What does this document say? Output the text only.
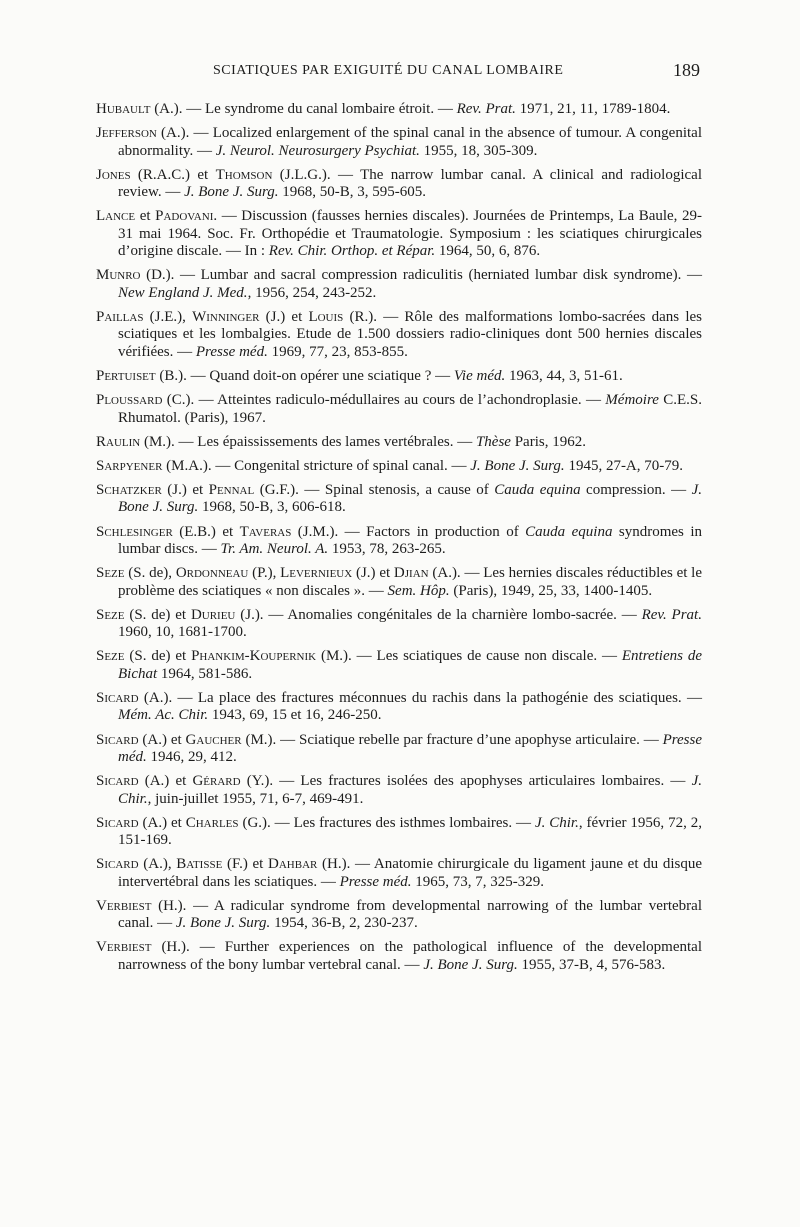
SCIATIQUES PAR EXIGUITÉ DU CANAL LOMBAIRE	189

Hubault (A.). — Le syndrome du canal lombaire étroit. — Rev. Prat. 1971, 21, 11, 1789-1804.

Jefferson (A.). — Localized enlargement of the spinal canal in the absence of tumour. A congenital abnormality. — J. Neurol. Neurosurgery Psychiat. 1955, 18, 305-309.

Jones (R.A.C.) et Thomson (J.L.G.). — The narrow lumbar canal. A clinical and radiological review. — J. Bone J. Surg. 1968, 50-B, 3, 595-605.

Lance et Padovani. — Discussion (fausses hernies discales). Journées de Printemps, La Baule, 29-31 mai 1964. Soc. Fr. Orthopédie et Traumatologie. Symposium : les sciatiques chirurgicales d’origine discale. — In : Rev. Chir. Orthop. et Répar. 1964, 50, 6, 876.

Munro (D.). — Lumbar and sacral compression radiculitis (herniated lumbar disk syndrome). — New England J. Med., 1956, 254, 243-252.

Paillas (J.E.), Winninger (J.) et Louis (R.). — Rôle des malformations lombo-sacrées dans les sciatiques et les lombalgies. Etude de 1.500 dossiers radio-cliniques dont 500 hernies discales vérifiées. — Presse méd. 1969, 77, 23, 853-855.

Pertuiset (B.). — Quand doit-on opérer une sciatique ? — Vie méd. 1963, 44, 3, 51-61.

Ploussard (C.). — Atteintes radiculo-médullaires au cours de l’achondroplasie. — Mémoire C.E.S. Rhumatol. (Paris), 1967.

Raulin (M.). — Les épaississements des lames vertébrales. — Thèse Paris, 1962.

Sarpyener (M.A.). — Congenital stricture of spinal canal. — J. Bone J. Surg. 1945, 27-A, 70-79.

Schatzker (J.) et Pennal (G.F.). — Spinal stenosis, a cause of Cauda equina compression. — J. Bone J. Surg. 1968, 50-B, 3, 606-618.

Schlesinger (E.B.) et Taveras (J.M.). — Factors in production of Cauda equina syndromes in lumbar discs. — Tr. Am. Neurol. A. 1953, 78, 263-265.

Seze (S. de), Ordonneau (P.), Levernieux (J.) et Djian (A.). — Les hernies discales réductibles et le problème des sciatiques « non discales ». — Sem. Hôp. (Paris), 1949, 25, 33, 1400-1405.

Seze (S. de) et Durieu (J.). — Anomalies congénitales de la charnière lombo-sacrée. — Rev. Prat. 1960, 10, 1681-1700.

Seze (S. de) et Phankim-Koupernik (M.). — Les sciatiques de cause non discale. — Entretiens de Bichat 1964, 581-586.

Sicard (A.). — La place des fractures méconnues du rachis dans la pathogénie des sciatiques. — Mém. Ac. Chir. 1943, 69, 15 et 16, 246-250.

Sicard (A.) et Gaucher (M.). — Sciatique rebelle par fracture d’une apophyse articulaire. — Presse méd. 1946, 29, 412.

Sicard (A.) et Gérard (Y.). — Les fractures isolées des apophyses articulaires lombaires. — J. Chir., juin-juillet 1955, 71, 6-7, 469-491.

Sicard (A.) et Charles (G.). — Les fractures des isthmes lombaires. — J. Chir., février 1956, 72, 2, 151-169.

Sicard (A.), Batisse (F.) et Dahbar (H.). — Anatomie chirurgicale du ligament jaune et du disque intervertébral dans les sciatiques. — Presse méd. 1965, 73, 7, 325-329.

Verbiest (H.). — A radicular syndrome from developmental narrowing of the lumbar vertebral canal. — J. Bone J. Surg. 1954, 36-B, 2, 230-237.

Verbiest (H.). — Further experiences on the pathological influence of the developmental narrowness of the bony lumbar vertebral canal. — J. Bone J. Surg. 1955, 37-B, 4, 576-583.
